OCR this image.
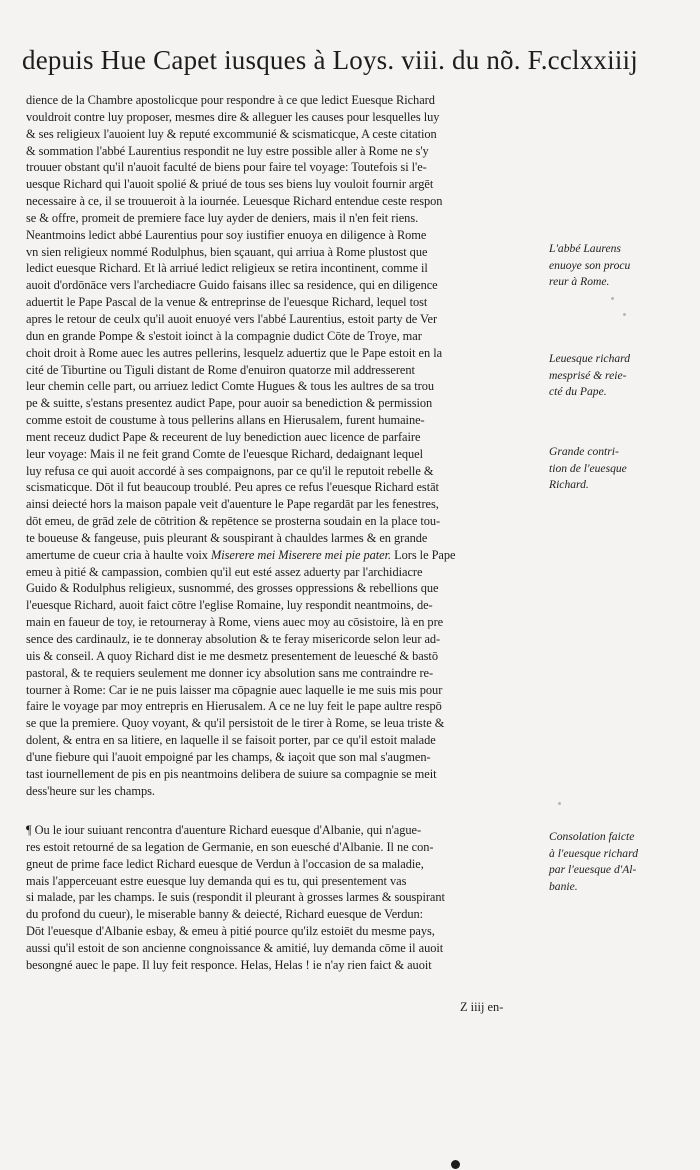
depuis Hue Capet iusques à Loys. viii. du nõ. F.cclxxiiij
dience de la Chambre apostolicque pour respondre à ce que ledict Euesque Richard
vouldroit contre luy proposer, mesmes dire & alleguer les causes pour lesquelles luy
& ses religieux l'auoient luy & reputé excommunié & scismaticque, A ceste citation
& sommation l'abbé Laurentius respondit ne luy estre possible aller à Rome ne s'y
trouuer obstant qu'il n'auoit faculté de biens pour faire tel voyage: Toutefois si l'e-
uesque Richard qui l'auoit spolié & priué de tous ses biens luy vouloit fournir argēt
necessaire à ce, il se trouueroit à la iournée. Leuesque Richard entendue ceste respon
se & offre, promeit de premiere face luy ayder de deniers, mais il n'en feit riens.
Neantmoins ledict abbé Laurentius pour soy iustifier enuoya en diligence à Rome
vn sien religieux nommé Rodulphus, bien sçauant, qui arriua à Rome plustost que
ledict euesque Richard. Et là arriué ledict religieux se retira incontinent, comme il
auoit d'ordōnāce vers l'archediacre Guido faisans illec sa residence, qui en diligence
aduertit le Pape Pascal de la venue & entreprinse de l'euesque Richard, lequel tost
apres le retour de ceulx qu'il auoit enuoyé vers l'abbé Laurentius, estoit party de Ver
dun en grande Pompe & s'estoit ioinct à la compagnie dudict Cōte de Troye, mar
choit droit à Rome auec les autres pellerins, lesquelz aduertiz que le Pape estoit en la
cité de Tiburtine ou Tiguli distant de Rome d'enuiron quatorze mil addresserent
leur chemin celle part, ou arriuez ledict Comte Hugues & tous les aultres de sa trou
pe & suitte, s'estans presentez audict Pape, pour auoir sa benediction & permission
comme estoit de coustume à tous pellerins allans en Hierusalem, furent humaine-
ment receuz dudict Pape & receurent de luy benediction auec licence de parfaire
leur voyage: Mais il ne feit grand Comte de l'euesque Richard, dedaignant lequel
luy refusa ce qui auoit accordé à ses compaignons, par ce qu'il le reputoit rebelle &
scismaticque. Dōt il fut beaucoup troublé. Peu apres ce refus l'euesque Richard estāt
ainsi deiecté hors la maison papale veit d'auenture le Pape regardāt par les fenestres,
dōt emeu, de grād zele de cōtrition & repētence se prosterna soudain en la place tou-
te boueuse & fangeuse, puis pleurant & souspirant à chauldes larmes & en grande
amertume de cueur cria à haulte voix Miserere mei Miserere mei pie pater. Lors le Pape
emeu à pitié & campassion, combien qu'il eut esté assez aduerty par l'archidiacre
Guido & Rodulphus religieux, susnommé, des grosses oppressions & rebellions que
l'euesque Richard, auoit faict cōtre l'eglise Romaine, luy respondit neantmoins, de-
main en faueur de toy, ie retourneray à Rome, viens auec moy au cōsistoire, là en pre
sence des cardinaulz, ie te donneray absolution & te feray misericorde selon leur ad-
uis & conseil. A quoy Richard dist ie me desmetz presentement de leuesché & bastō
pastoral, & te requiers seulement me donner icy absolution sans me contraindre re-
tourner à Rome: Car ie ne puis laisser ma cōpagnie auec laquelle ie me suis mis pour
faire le voyage par moy entrepris en Hierusalem. A ce ne luy feit le pape aultre respō
se que la premiere. Quoy voyant, & qu'il persistoit de le tirer à Rome, se leua triste &
dolent, & entra en sa litiere, en laquelle il se faisoit porter, par ce qu'il estoit malade
d'une fiebure qui l'auoit empoigné par les champs, & iaçoit que son mal s'augmen-
tast iournellement de pis en pis neantmoins delibera de suiure sa compagnie se meit
dess'heure sur les champs.
¶ Ou le iour suiuant rencontra d'auenture Richard euesque d'Albanie, qui n'ague-
res estoit retourné de sa legation de Germanie, en son euesché d'Albanie. Il ne con-
gneut de prime face ledict Richard euesque de Verdun à l'occasion de sa maladie,
mais l'apperceuant estre euesque luy demanda qui es tu, qui presentement vas
si malade, par les champs. Ie suis (respondit il pleurant à grosses larmes & souspirant
du profond du cueur), le miserable banny & deiecté, Richard euesque de Verdun:
Dōt l'euesque d'Albanie esbay, & emeu à pitié pource qu'ilz estoiēt du mesme pays,
aussi qu'il estoit de son ancienne congnoissance & amitié, luy demanda cōme il auoit
besongné auec le pape. Il luy feit responce. Helas, Helas ! ie n'ay rien faict & auoit
L'abbé Laurens
enuoye son procu
reur à Rome.
Leuesque richard
mesprisé & reie-
cté du Pape.
Grande contri-
tion de l'euesque
Richard.
Consolation faicte
à l'euesque richard
par l'euesque d'Al-
banie.
Z iiij en-
